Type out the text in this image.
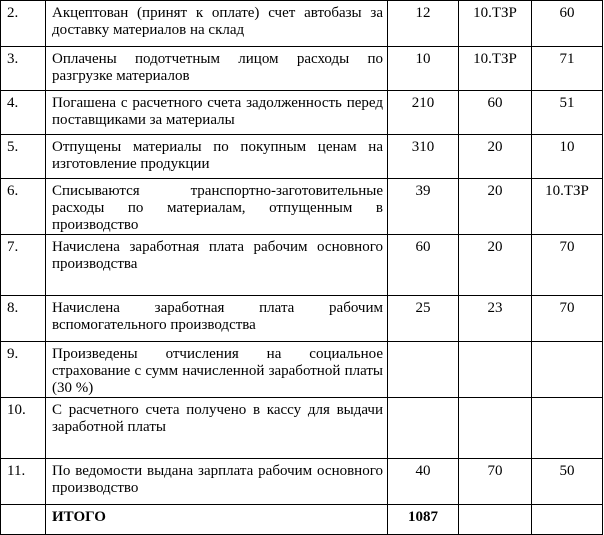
2.	Акцептован (принят к оплате) счет автобазы за доставку материалов на склад	12	10.ТЗР	60
3.	Оплачены подотчетным лицом расходы по разгрузке материалов	10	10.ТЗР	71
4.	Погашена с расчетного счета задолженность перед поставщиками за материалы	210	60	51
5.	Отпущены материалы по покупным ценам на изготовление продукции	310	20	10
6.	Списываются транспортно-заготовительные расходы по материалам, отпущенным в производство	39	20	10.ТЗР
7.	Начислена заработная плата рабочим основного производства	60	20	70
8.	Начислена заработная плата рабочим вспомогательного производства	25	23	70
9.	Произведены отчисления на социальное страхование с сумм начисленной заработной платы (30 %)			
10.	С расчетного счета получено в кассу для выдачи заработной платы	

11.	По ведомости выдана зарплата рабочим основного производство	40	70	50
	ИТОГО	1087		
